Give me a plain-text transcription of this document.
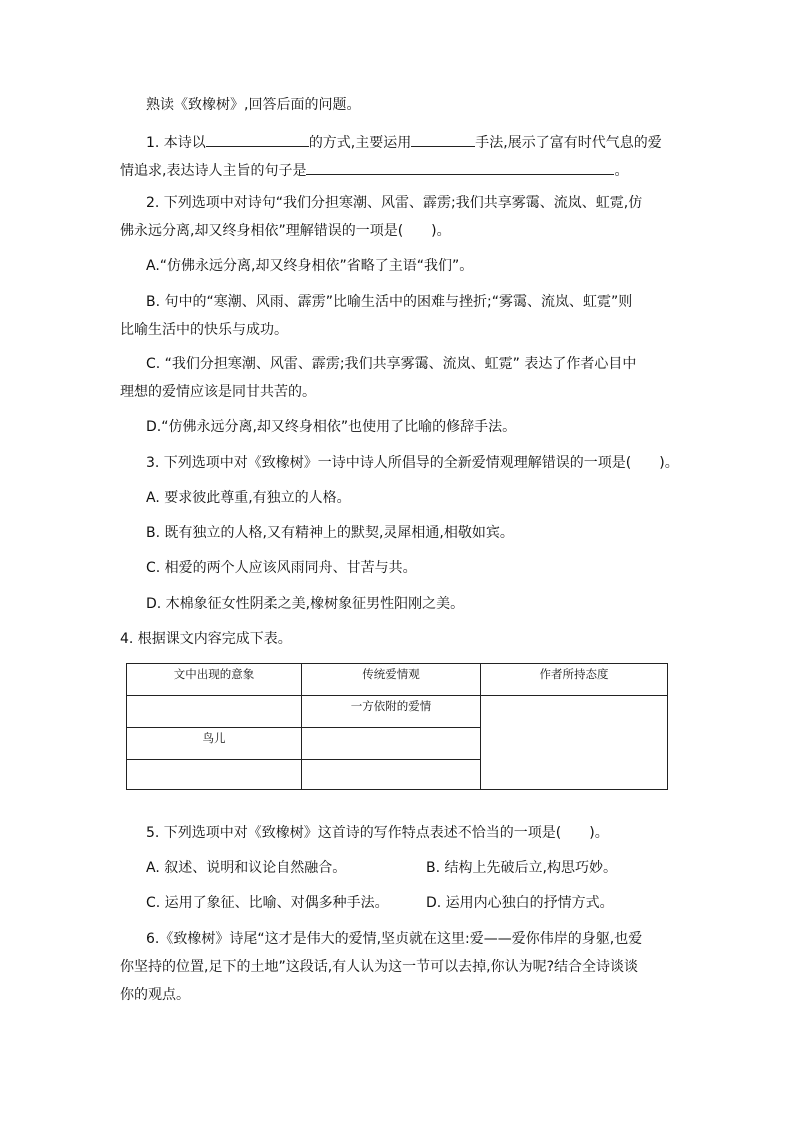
熟读《致橡树》,回答后面的问题。
1. 本诗以	的方式,主要运用	手法,展示了富有时代气息的爱
情追求,表达诗人主旨的句子是	。
2. 下列选项中对诗句“我们分担寒潮、风雷、霹雳;我们共享雾霭、流岚、虹霓,仿
佛永远分离,却又终身相依”理解错误的一项是(　　)。
A.“仿佛永远分离,却又终身相依”省略了主语“我们”。
B. 句中的“寒潮、风雨、霹雳”比喻生活中的困难与挫折;“雾霭、流岚、虹霓”则
比喻生活中的快乐与成功。
C. “我们分担寒潮、风雷、霹雳;我们共享雾霭、流岚、虹霓” 表达了作者心目中
理想的爱情应该是同甘共苦的。
D.“仿佛永远分离,却又终身相依”也使用了比喻的修辞手法。
3. 下列选项中对《致橡树》一诗中诗人所倡导的全新爱情观理解错误的一项是(　　)。
A. 要求彼此尊重,有独立的人格。
B. 既有独立的人格,又有精神上的默契,灵犀相通,相敬如宾。
C. 相爱的两个人应该风雨同舟、甘苦与共。
D. 木棉象征女性阴柔之美,橡树象征男性阳刚之美。
4. 根据课文内容完成下表。
文中出现的意象	传统爱情观	作者所持态度
	一方依附的爱情	
鸟儿		

5. 下列选项中对《致橡树》这首诗的写作特点表述不恰当的一项是(　　)。
A. 叙述、说明和议论自然融合。	B. 结构上先破后立,构思巧妙。
C. 运用了象征、比喻、对偶多种手法。	D. 运用内心独白的抒情方式。
6.《致橡树》诗尾“这才是伟大的爱情,坚贞就在这里:爱——爱你伟岸的身躯,也爱
你坚持的位置,足下的土地”这段话,有人认为这一节可以去掉,你认为呢?结合全诗谈谈
你的观点。
